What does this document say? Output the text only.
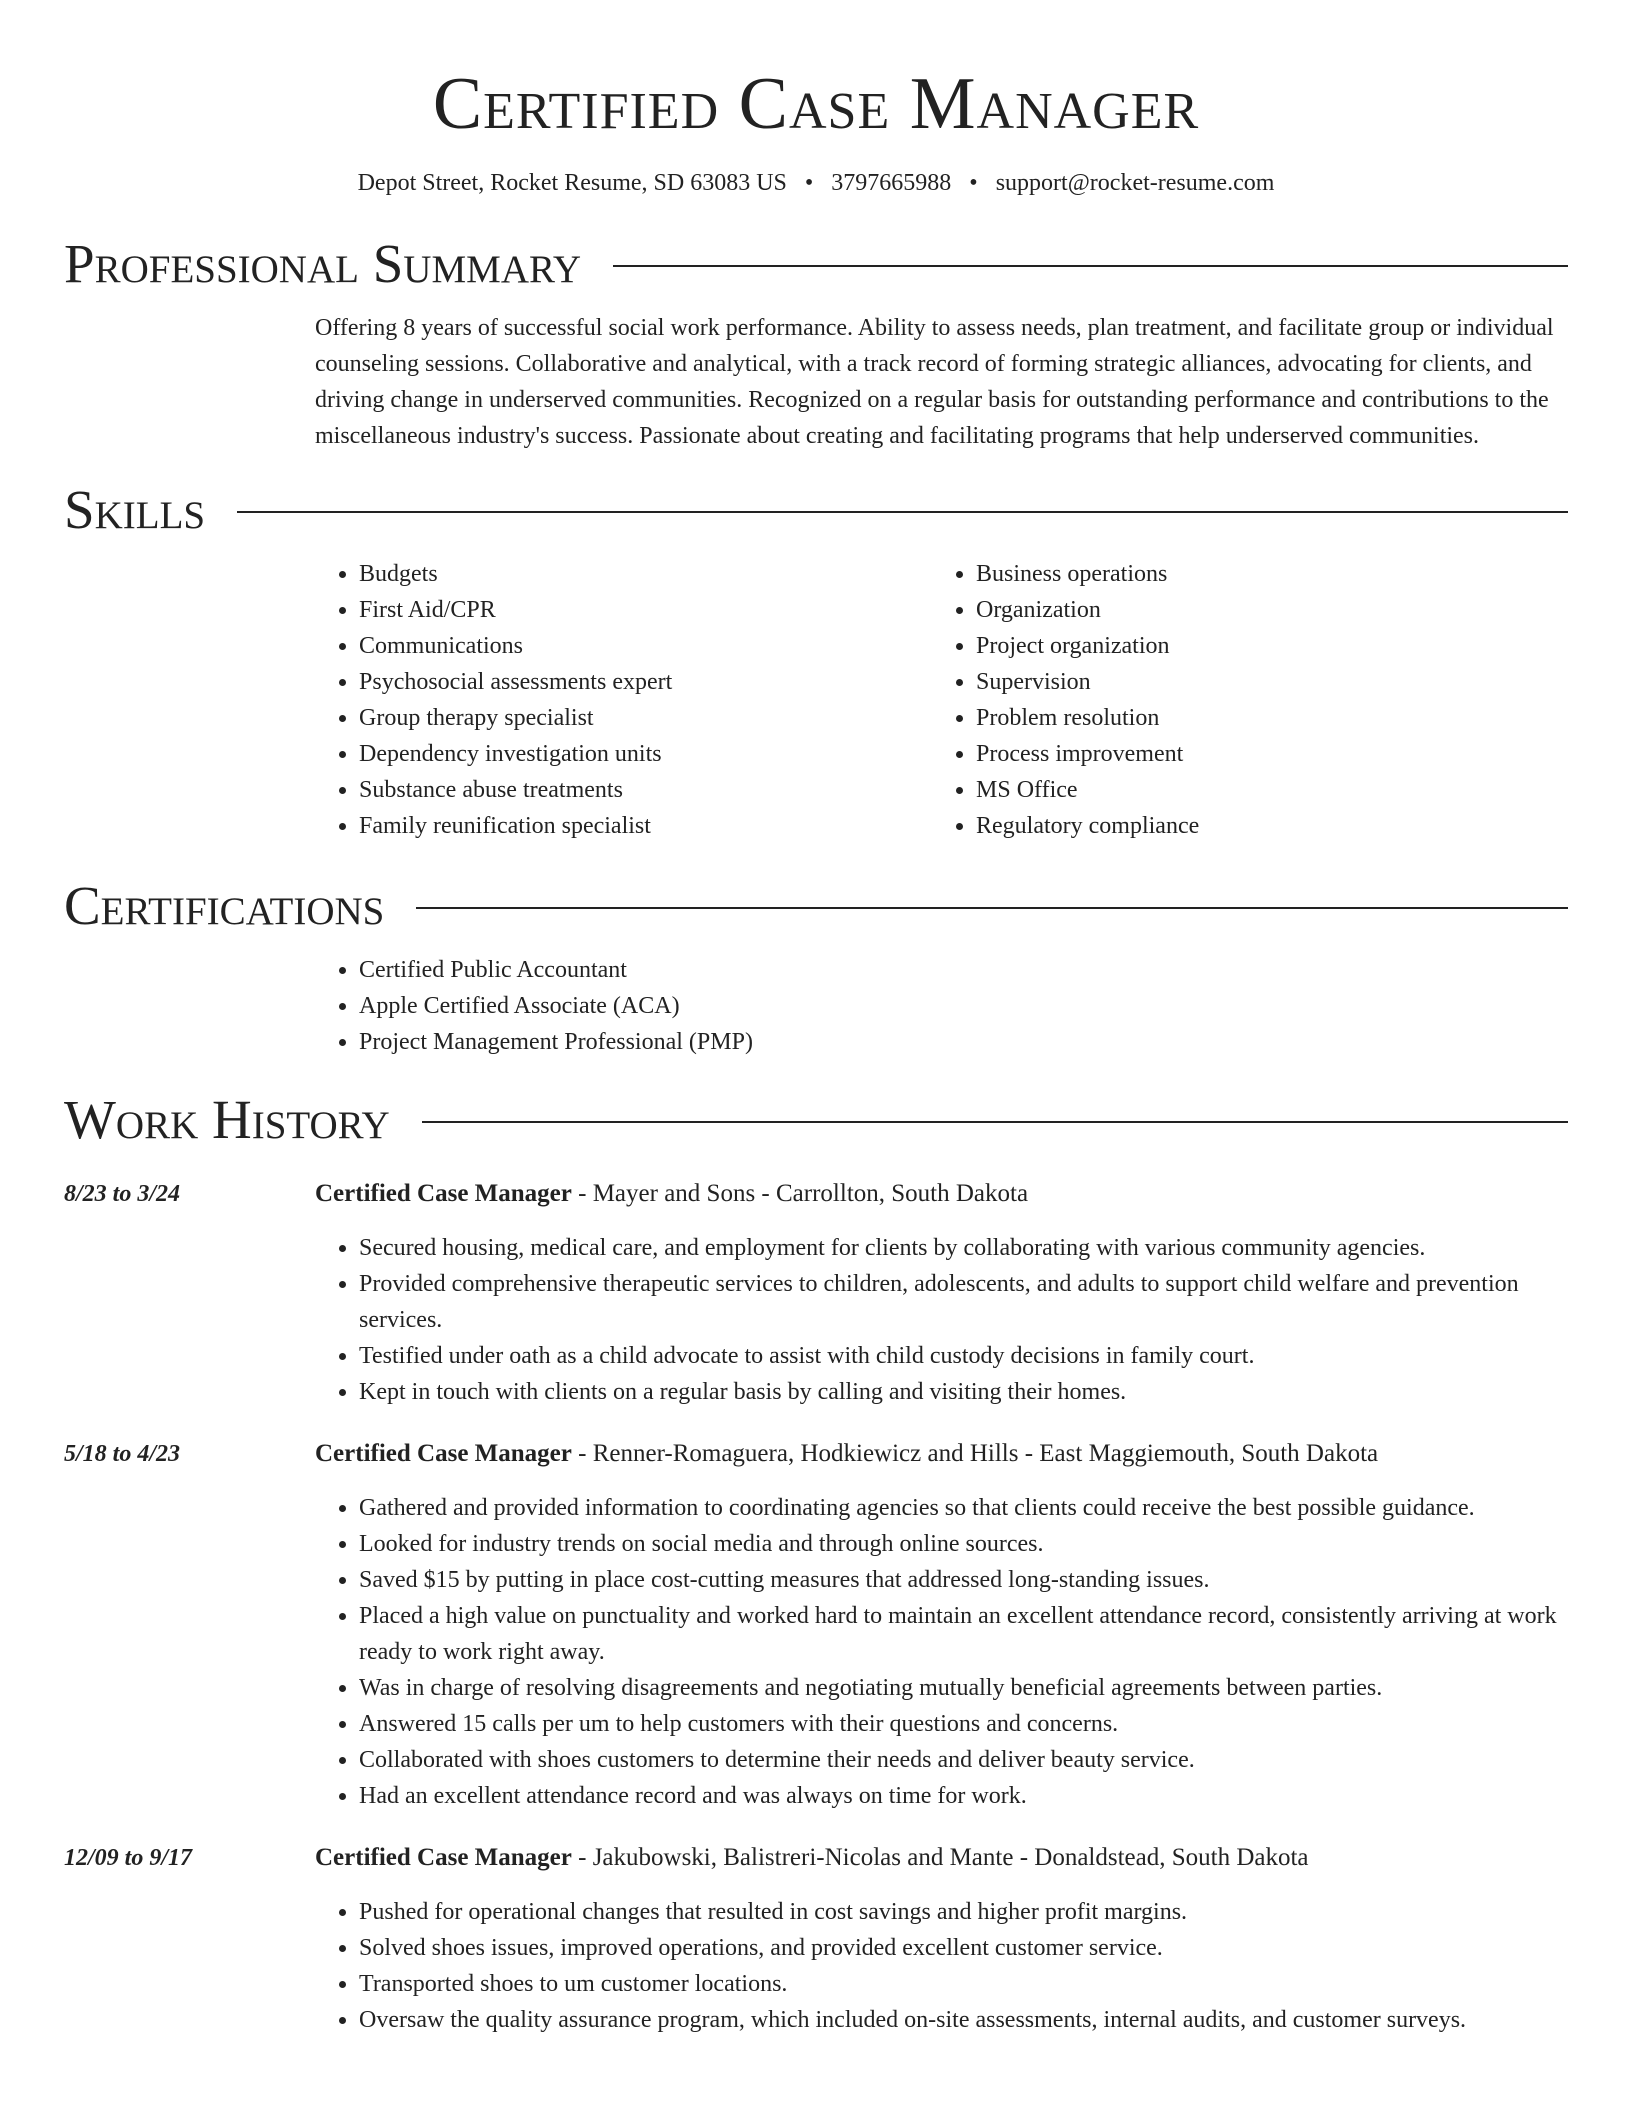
Certified Case Manager
Depot Street, Rocket Resume, SD 63083 US • 3797665988 • support@rocket-resume.com
Professional Summary
Offering 8 years of successful social work performance. Ability to assess needs, plan treatment, and facilitate group or individual counseling sessions. Collaborative and analytical, with a track record of forming strategic alliances, advocating for clients, and driving change in underserved communities. Recognized on a regular basis for outstanding performance and contributions to the miscellaneous industry's success. Passionate about creating and facilitating programs that help underserved communities.
Skills
• Budgets
• First Aid/CPR
• Communications
• Psychosocial assessments expert
• Group therapy specialist
• Dependency investigation units
• Substance abuse treatments
• Family reunification specialist
• Business operations
• Organization
• Project organization
• Supervision
• Problem resolution
• Process improvement
• MS Office
• Regulatory compliance
Certifications
• Certified Public Accountant
• Apple Certified Associate (ACA)
• Project Management Professional (PMP)
Work History
8/23 to 3/24	Certified Case Manager - Mayer and Sons - Carrollton, South Dakota
• Secured housing, medical care, and employment for clients by collaborating with various community agencies.
• Provided comprehensive therapeutic services to children, adolescents, and adults to support child welfare and prevention services.
• Testified under oath as a child advocate to assist with child custody decisions in family court.
• Kept in touch with clients on a regular basis by calling and visiting their homes.
5/18 to 4/23	Certified Case Manager - Renner-Romaguera, Hodkiewicz and Hills - East Maggiemouth, South Dakota
• Gathered and provided information to coordinating agencies so that clients could receive the best possible guidance.
• Looked for industry trends on social media and through online sources.
• Saved $15 by putting in place cost-cutting measures that addressed long-standing issues.
• Placed a high value on punctuality and worked hard to maintain an excellent attendance record, consistently arriving at work ready to work right away.
• Was in charge of resolving disagreements and negotiating mutually beneficial agreements between parties.
• Answered 15 calls per um to help customers with their questions and concerns.
• Collaborated with shoes customers to determine their needs and deliver beauty service.
• Had an excellent attendance record and was always on time for work.
12/09 to 9/17	Certified Case Manager - Jakubowski, Balistreri-Nicolas and Mante - Donaldstead, South Dakota
• Pushed for operational changes that resulted in cost savings and higher profit margins.
• Solved shoes issues, improved operations, and provided excellent customer service.
• Transported shoes to um customer locations.
• Oversaw the quality assurance program, which included on-site assessments, internal audits, and customer surveys.
